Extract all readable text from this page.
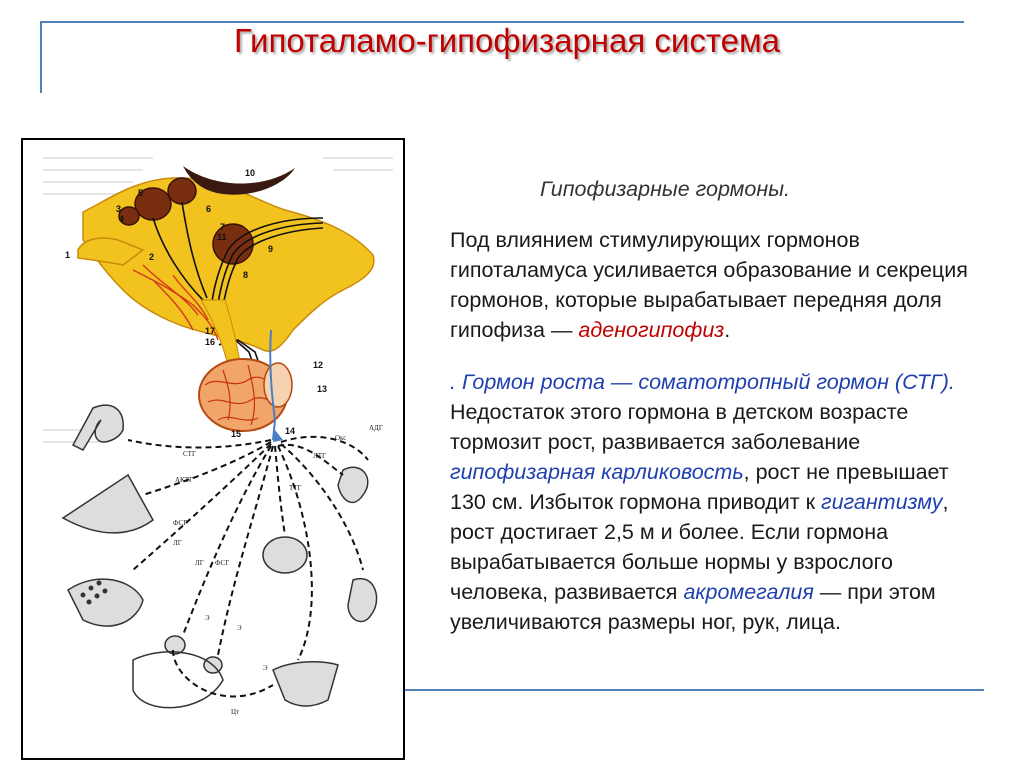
Гипоталамо-гипофизарная система
1	2
3
4
5
6
7
8
9
10
11
12
13
14
15
16
17
СТГ
АКТГ
ФСГ
ЛГ
ЛГ ФСГ
ТТГ
ЛТГ
Окс
АДГ
Э
Э
Э
Цт
Гипофизарные гормоны.

Под влиянием стимулирующих гормонов гипоталамуса усиливается образование и секреция гормонов, которые вырабатывает передняя доля гипофиза — аденогипофиз.

. Гормон роста — соматотропный гормон (СТГ). Недостаток этого гормона в детском возрасте тормозит рост, развивается заболевание гипофизарная карликовость, рост не превышает 130 см. Избыток гормона приводит к гигантизму, рост достигает 2,5 м и более. Если гормона вырабатывается больше нормы у взрослого человека, развивается акромегалия — при этом увеличиваются размеры ног, рук, лица.
